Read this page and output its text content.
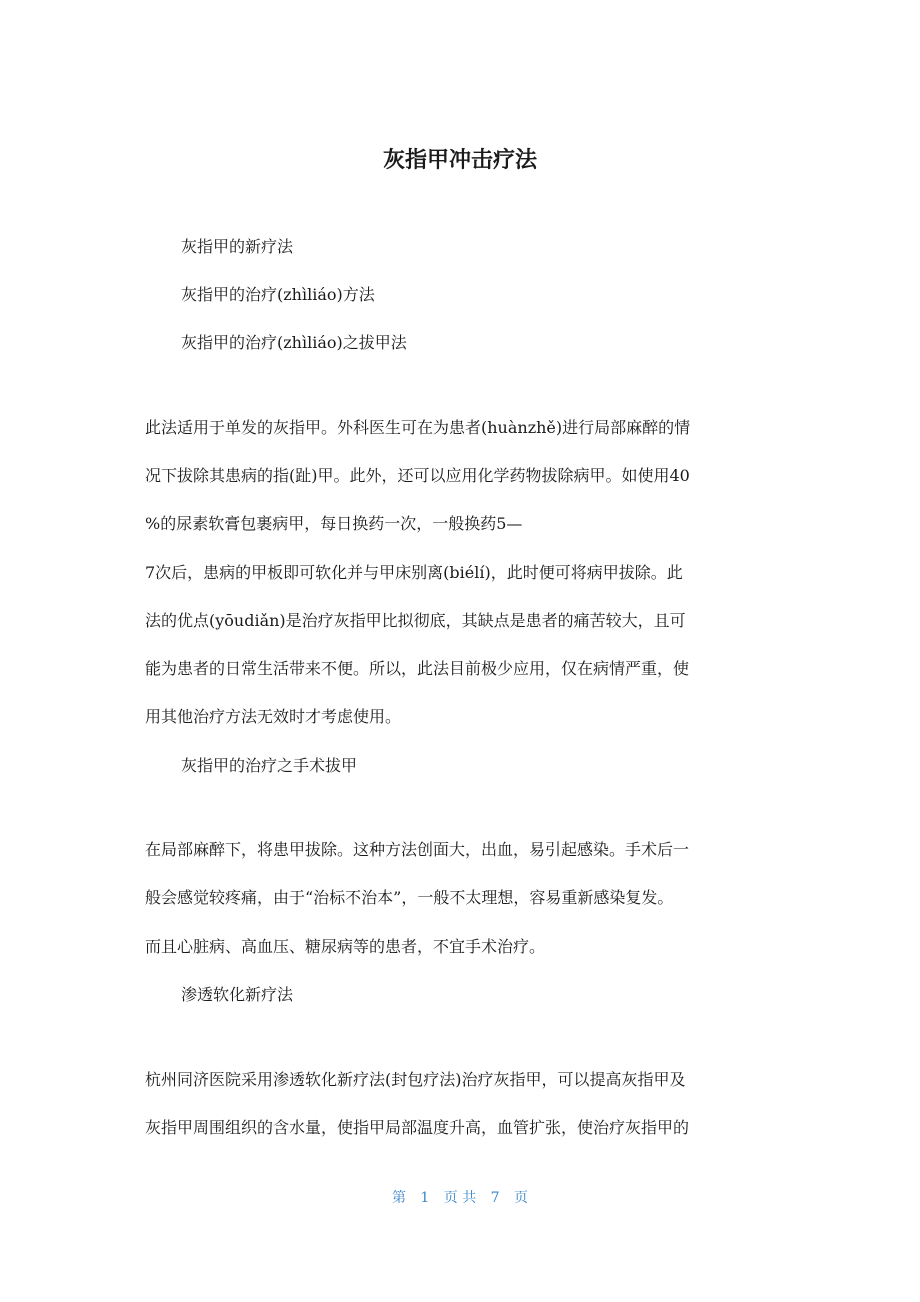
灰指甲冲击疗法
灰指甲的新疗法
灰指甲的治疗(zhìliáo)方法
灰指甲的治疗(zhìliáo)之拔甲法
此法适用于单发的灰指甲。外科医生可在为患者(huànzhě)进行局部麻醉的情
况下拔除其患病的指(趾)甲。此外，还可以应用化学药物拔除病甲。如使用40
%的尿素软膏包裹病甲，每日换药一次，一般换药5—
7次后，患病的甲板即可软化并与甲床别离(biélí)，此时便可将病甲拔除。此
法的优点(yōudiǎn)是治疗灰指甲比拟彻底，其缺点是患者的痛苦较大，且可
能为患者的日常生活带来不便。所以，此法目前极少应用，仅在病情严重，使
用其他治疗方法无效时才考虑使用。
灰指甲的治疗之手术拔甲
在局部麻醉下，将患甲拔除。这种方法创面大，出血，易引起感染。手术后一
般会感觉较疼痛，由于“治标不治本”，一般不太理想，容易重新感染复发。
而且心脏病、高血压、糖尿病等的患者，不宜手术治疗。
渗透软化新疗法
杭州同济医院采用渗透软化新疗法(封包疗法)治疗灰指甲，可以提高灰指甲及
灰指甲周围组织的含水量，使指甲局部温度升高，血管扩张，使治疗灰指甲的
第 1 页 共 7 页
